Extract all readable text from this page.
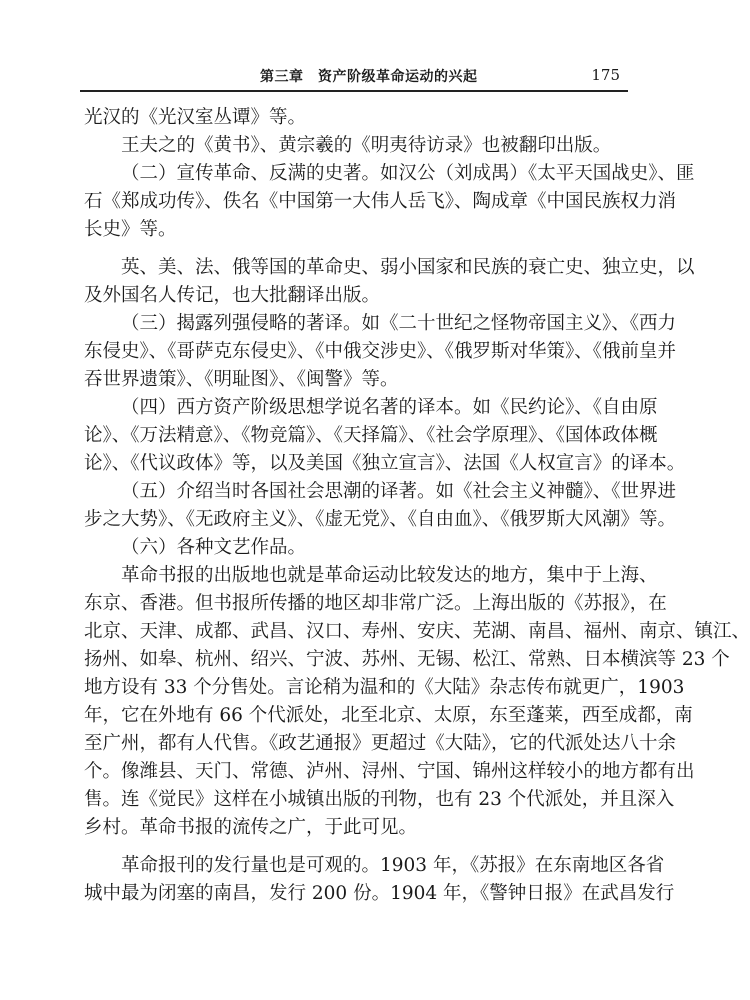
第三章　资产阶级革命运动的兴起	175
光汉的《光汉室丛谭》等。
王夫之的《黄书》、黄宗羲的《明夷待访录》也被翻印出版。
（二）宣传革命、反满的史著。如汉公（刘成禺）《太平天国战史》、匪
石《郑成功传》、佚名《中国第一大伟人岳飞》、陶成章《中国民族权力消
长史》等。
英、美、法、俄等国的革命史、弱小国家和民族的衰亡史、独立史，以
及外国名人传记，也大批翻译出版。
（三）揭露列强侵略的著译。如《二十世纪之怪物帝国主义》、《西力
东侵史》、《哥萨克东侵史》、《中俄交涉史》、《俄罗斯对华策》、《俄前皇并
吞世界遗策》、《明耻图》、《闽警》等。
（四）西方资产阶级思想学说名著的译本。如《民约论》、《自由原
论》、《万法精意》、《物竞篇》、《天择篇》、《社会学原理》、《国体政体概
论》、《代议政体》等，以及美国《独立宣言》、法国《人权宣言》的译本。
（五）介绍当时各国社会思潮的译著。如《社会主义神髓》、《世界进
步之大势》、《无政府主义》、《虚无党》、《自由血》、《俄罗斯大风潮》等。
（六）各种文艺作品。
革命书报的出版地也就是革命运动比较发达的地方，集中于上海、
东京、香港。但书报所传播的地区却非常广泛。上海出版的《苏报》，在
北京、天津、成都、武昌、汉口、寿州、安庆、芜湖、南昌、福州、南京、镇江、
扬州、如皋、杭州、绍兴、宁波、苏州、无锡、松江、常熟、日本横滨等 23 个
地方设有 33 个分售处。言论稍为温和的《大陆》杂志传布就更广，1903
年，它在外地有 66 个代派处，北至北京、太原，东至蓬莱，西至成都，南
至广州，都有人代售。《政艺通报》更超过《大陆》，它的代派处达八十余
个。像潍县、天门、常德、泸州、浔州、宁国、锦州这样较小的地方都有出
售。连《觉民》这样在小城镇出版的刊物，也有 23 个代派处，并且深入
乡村。革命书报的流传之广，于此可见。
革命报刊的发行量也是可观的。1903 年，《苏报》在东南地区各省
城中最为闭塞的南昌，发行 200 份。1904 年，《警钟日报》在武昌发行
